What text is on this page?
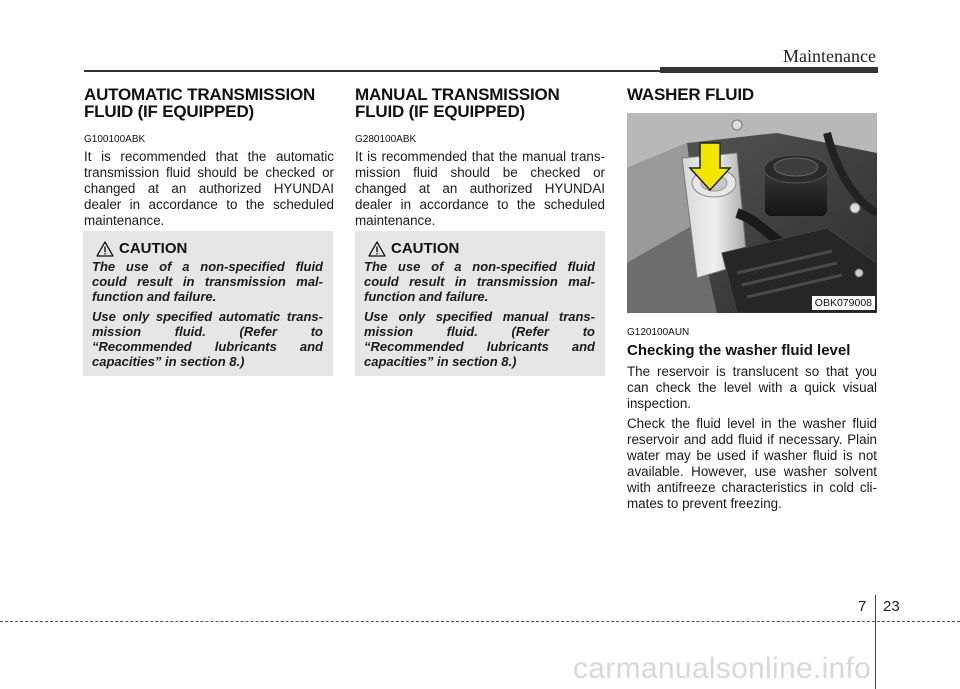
Maintenance
AUTOMATIC TRANSMISSION
FLUID (IF EQUIPPED)
G100100ABK

It is recommended that the automatic transmission fluid should be checked or changed at an authorized HYUNDAI dealer in accordance to the scheduled maintenance.

CAUTION

The use of a non-specified fluid could result in transmission mal-function and failure.

Use only specified automatic trans-mission fluid. (Refer to “Recommended lubricants and capacities” in section 8.)

MANUAL TRANSMISSION
FLUID (IF EQUIPPED)
G280100ABK

It is recommended that the manual trans-mission fluid should be checked or changed at an authorized HYUNDAI dealer in accordance to the scheduled maintenance.

CAUTION

The use of a non-specified fluid could result in transmission mal-function and failure.

Use only specified manual trans-mission fluid. (Refer to “Recommended lubricants and capacities” in section 8.)

WASHER FLUID
OBK079008
G120100AUN
Checking the washer fluid level

The reservoir is translucent so that you can check the level with a quick visual inspection.

Check the fluid level in the washer fluid reservoir and add fluid if necessary. Plain water may be used if washer fluid is not available. However, use washer solvent with antifreeze characteristics in cold cli-mates to prevent freezing.

7 23
carmanualsonline.info
